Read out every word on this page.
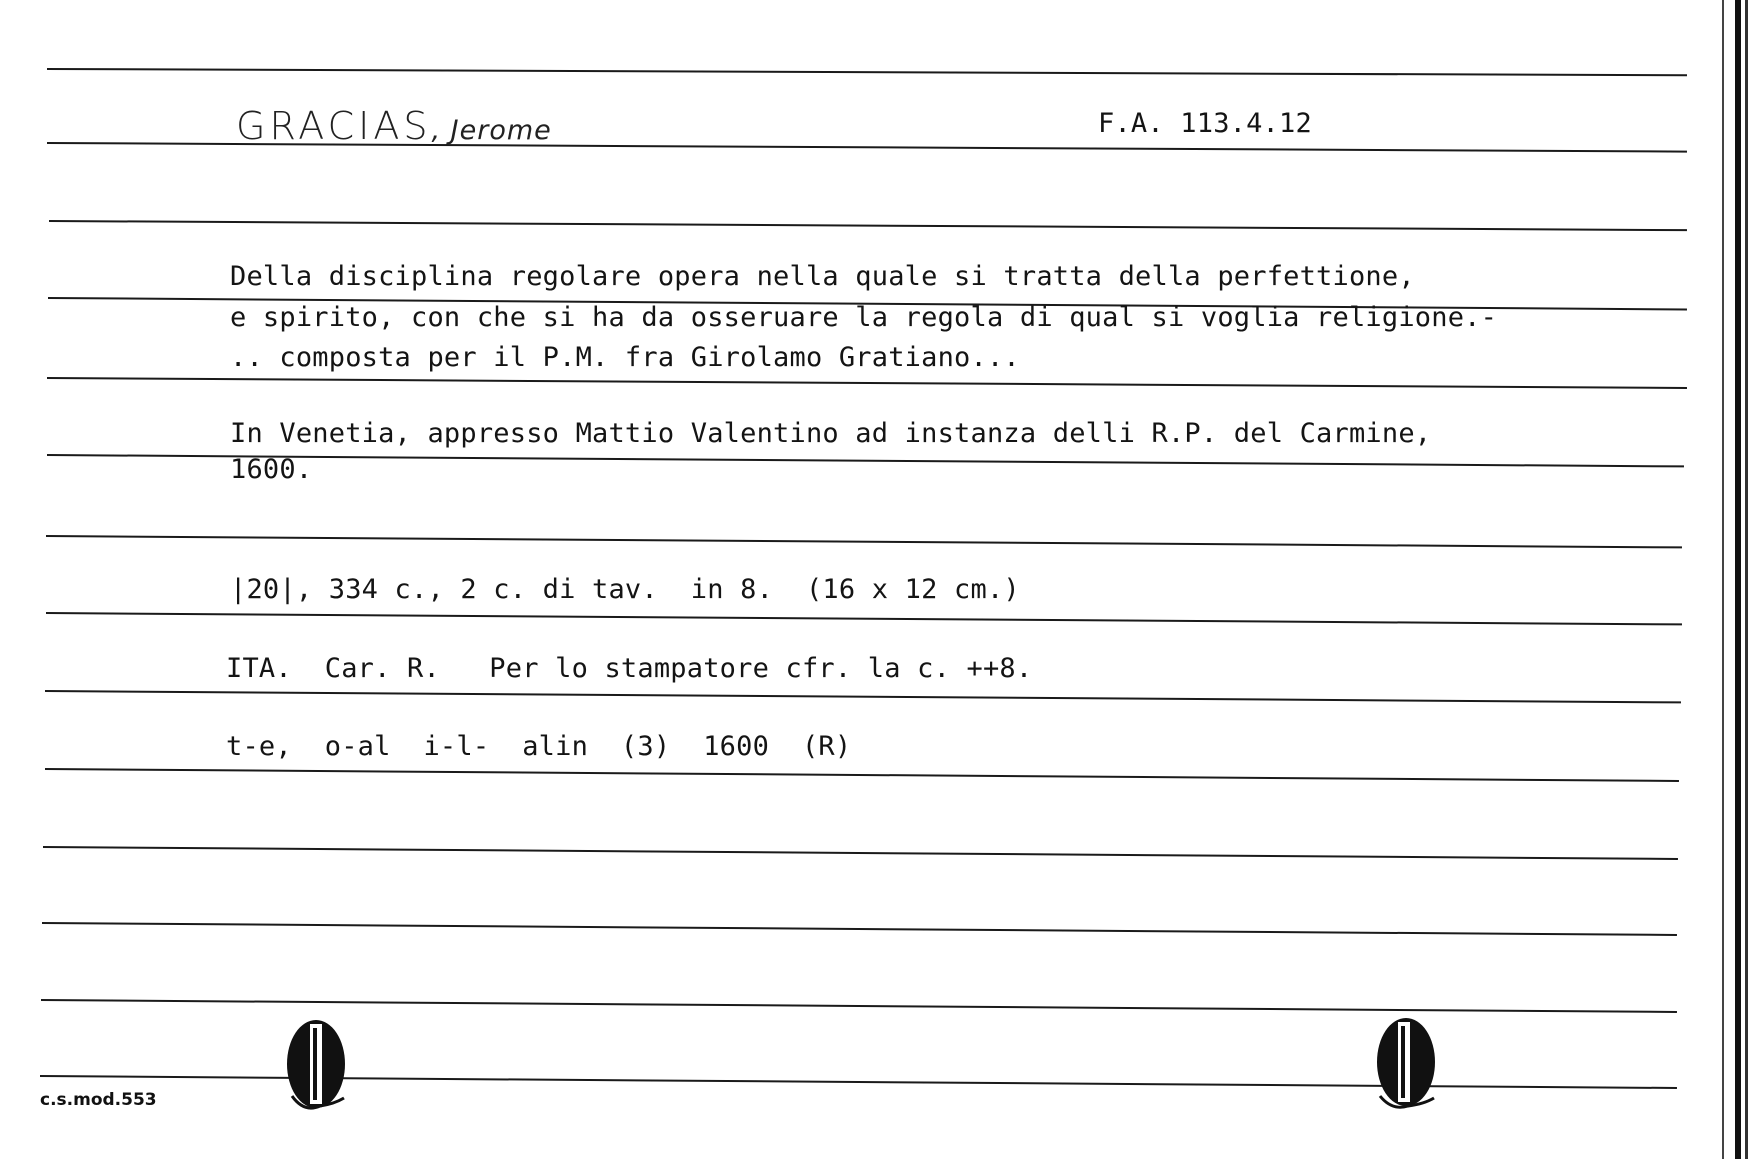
GRACIAS, Jerome	F.A. 113.4.12
Della disciplina regolare opera nella quale si tratta della perfettione,
e spirito, con che si ha da osseruare la regola di qual si voglia religione.-
.. composta per il P.M. fra Girolamo Gratiano...
In Venetia, appresso Mattio Valentino ad instanza delli R.P. del Carmine,
1600.
|20|, 334 c., 2 c. di tav.  in 8.  (16 x 12 cm.)
ITA.  Car. R.   Per lo stampatore cfr. la c. ++8.
t-e,  o-al  i-l-  alin  (3)  1600  (R)
c.s.mod.553
